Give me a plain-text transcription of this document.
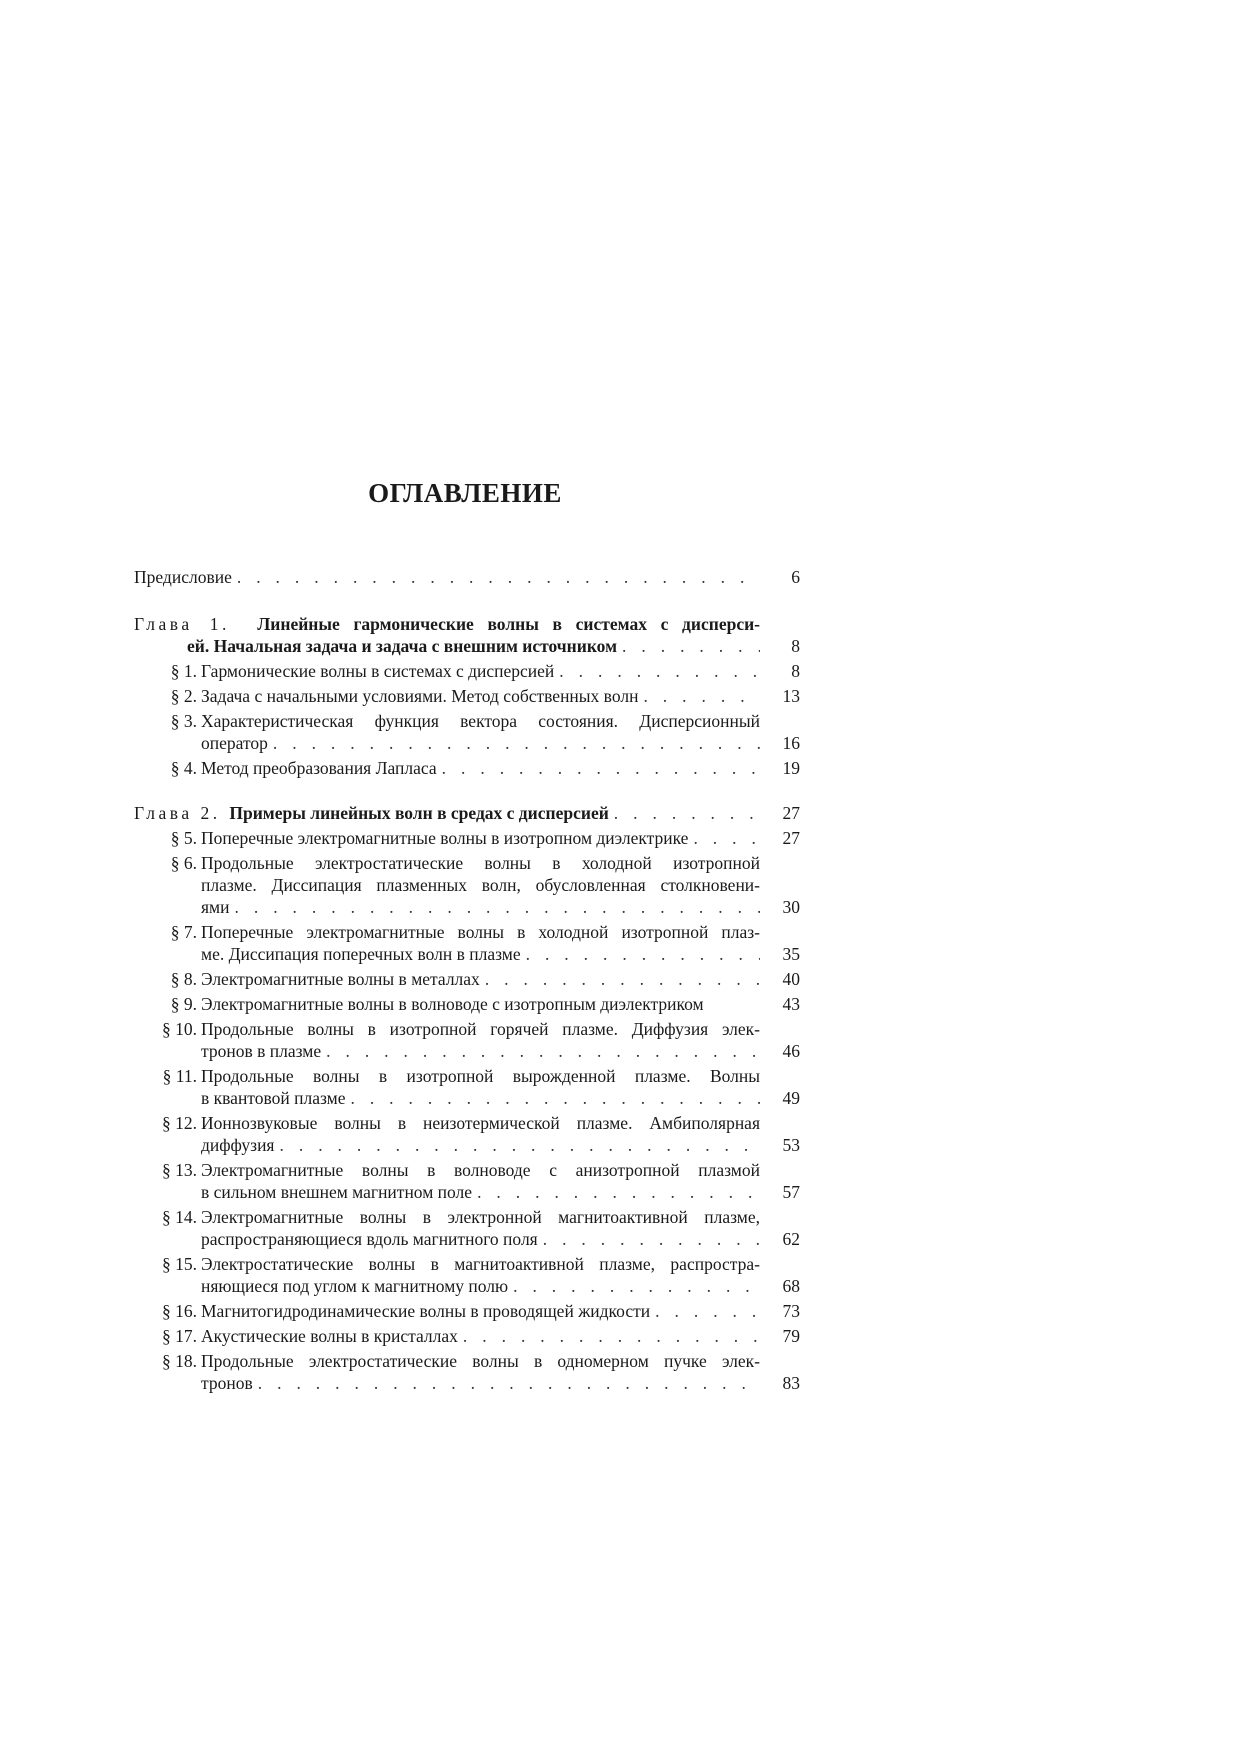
ОГЛАВЛЕНИЕ
Предисловие . . .	6
Глава 1. Линейные гармонические волны в системах с дисперси-
ей. Начальная задача и задача с внешним источником . . .	8
§ 1. Гармонические волны в системах с дисперсией . . .	8
§ 2. Задача с начальными условиями. Метод собственных волн . . .	13
§ 3. Характеристическая функция вектора состояния. Дисперсионный
оператор . . .	16
§ 4. Метод преобразования Лапласа . . .	19
Глава 2. Примеры линейных волн в средах с дисперсией . . .	27
§ 5. Поперечные электромагнитные волны в изотропном диэлектрике . . .	27
§ 6. Продольные электростатические волны в холодной изотропной
плазме. Диссипация плазменных волн, обусловленная столкновени-
ями . . .	30
§ 7. Поперечные электромагнитные волны в холодной изотропной плаз-
ме. Диссипация поперечных волн в плазме . . .	35
§ 8. Электромагнитные волны в металлах . . .	40
§ 9. Электромагнитные волны в волноводе с изотропным диэлектриком	43
§ 10. Продольные волны в изотропной горячей плазме. Диффузия элек-
тронов в плазме . . .	46
§ 11. Продольные волны в изотропной вырожденной плазме. Волны
в квантовой плазме . . .	49
§ 12. Ионнозвуковые волны в неизотермической плазме. Амбиполярная
диффузия . . .	53
§ 13. Электромагнитные волны в волноводе с анизотропной плазмой
в сильном внешнем магнитном поле . . .	57
§ 14. Электромагнитные волны в электронной магнитоактивной плазме,
распространяющиеся вдоль магнитного поля . . .	62
§ 15. Электростатические волны в магнитоактивной плазме, распростра-
няющиеся под углом к магнитному полю . . .	68
§ 16. Магнитогидродинамические волны в проводящей жидкости . . .	73
§ 17. Акустические волны в кристаллах . . .	79
§ 18. Продольные электростатические волны в одномерном пучке элек-
тронов . . .	83
